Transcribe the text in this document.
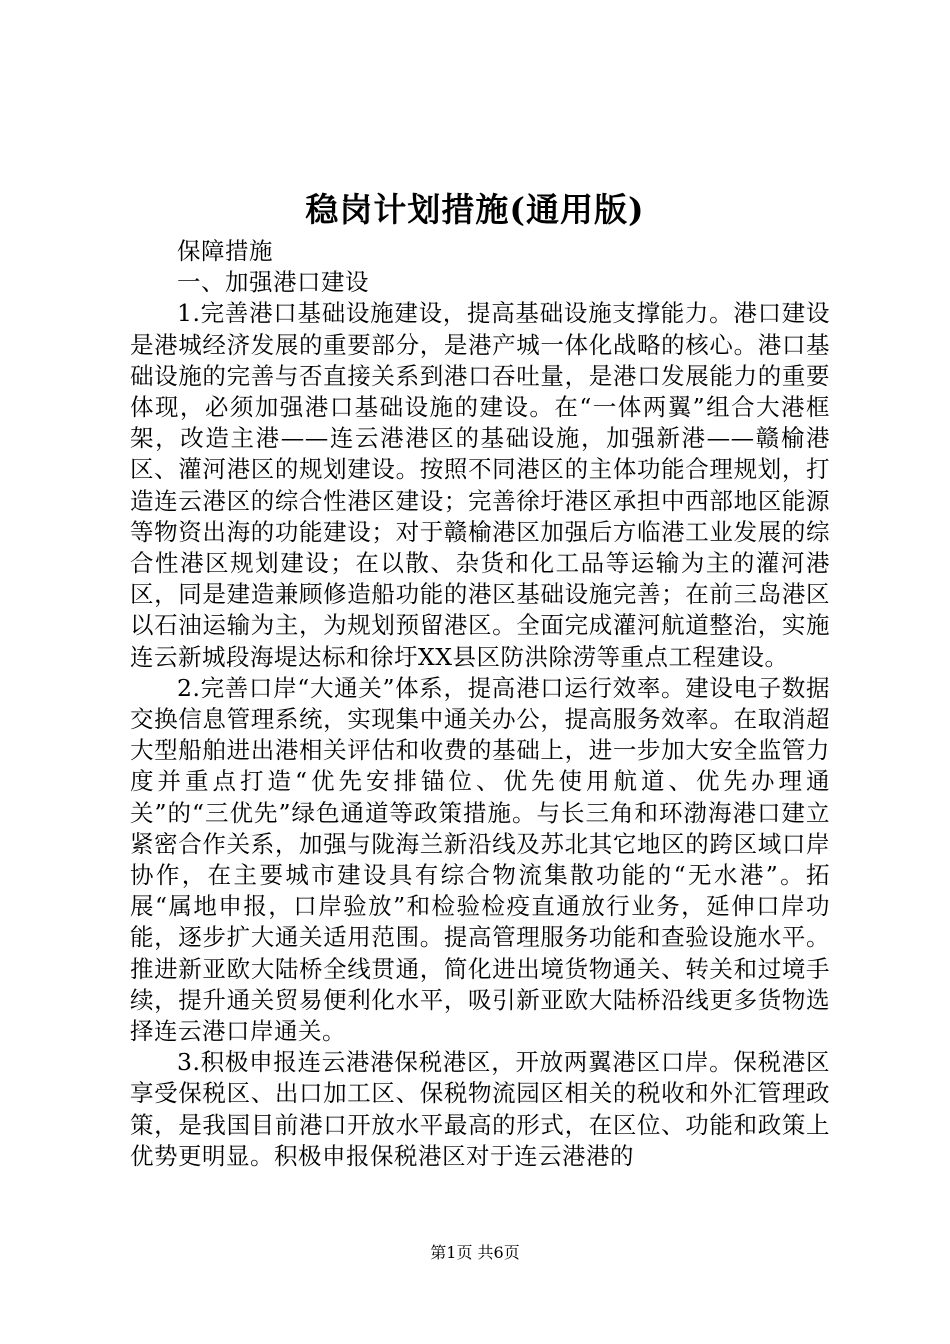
稳岗计划措施(通用版)

保障措施

一、加强港口建设

1.完善港口基础设施建设，提高基础设施支撑能力。港口建设是港城经济发展的重要部分，是港产城一体化战略的核心。港口基础设施的完善与否直接关系到港口吞吐量，是港口发展能力的重要体现，必须加强港口基础设施的建设。在“一体两翼”组合大港框架，改造主港——连云港港区的基础设施，加强新港——赣榆港区、灌河港区的规划建设。按照不同港区的主体功能合理规划，打造连云港区的综合性港区建设；完善徐圩港区承担中西部地区能源等物资出海的功能建设；对于赣榆港区加强后方临港工业发展的综合性港区规划建设；在以散、杂货和化工品等运输为主的灌河港区，同是建造兼顾修造船功能的港区基础设施完善；在前三岛港区以石油运输为主，为规划预留港区。全面完成灌河航道整治，实施连云新城段海堤达标和徐圩XX县区防洪除涝等重点工程建设。

2.完善口岸“大通关”体系，提高港口运行效率。建设电子数据交换信息管理系统，实现集中通关办公，提高服务效率。在取消超大型船舶进出港相关评估和收费的基础上，进一步加大安全监管力度并重点打造“优先安排锚位、优先使用航道、优先办理通关”的“三优先”绿色通道等政策措施。与长三角和环渤海港口建立紧密合作关系，加强与陇海兰新沿线及苏北其它地区的跨区域口岸协作，在主要城市建设具有综合物流集散功能的“无水港”。拓展“属地申报，口岸验放”和检验检疫直通放行业务，延伸口岸功能，逐步扩大通关适用范围。提高管理服务功能和查验设施水平。推进新亚欧大陆桥全线贯通，简化进出境货物通关、转关和过境手续，提升通关贸易便利化水平，吸引新亚欧大陆桥沿线更多货物选择连云港口岸通关。

3.积极申报连云港港保税港区，开放两翼港区口岸。保税港区享受保税区、出口加工区、保税物流园区相关的税收和外汇管理政策，是我国目前港口开放水平最高的形式，在区位、功能和政策上优势更明显。积极申报保税港区对于连云港港的

第1页 共6页
